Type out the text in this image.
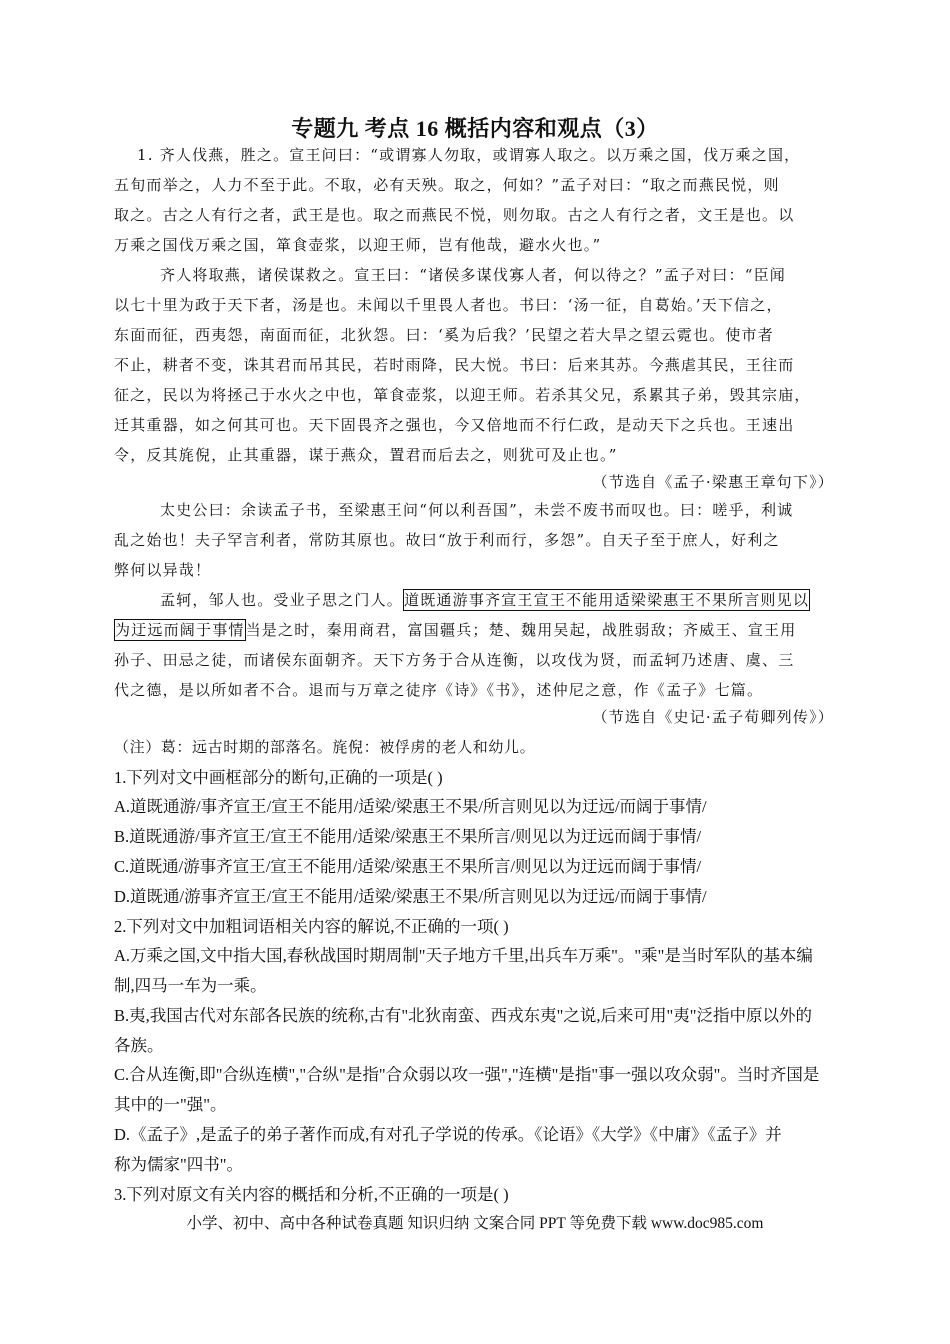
专题九 考点 16 概括内容和观点（3）
1. 齐人伐燕，胜之。宣王问曰：“或谓寡人勿取，或谓寡人取之。以万乘之国，伐万乘之国，
五旬而举之，人力不至于此。不取，必有天殃。取之，何如？”孟子对曰：“取之而燕民悦，则
取之。古之人有行之者，武王是也。取之而燕民不悦，则勿取。古之人有行之者，文王是也。以
万乘之国伐万乘之国，箪食壶浆，以迎王师，岂有他哉，避水火也。”
齐人将取燕，诸侯谋救之。宣王曰：“诸侯多谋伐寡人者，何以待之？”孟子对曰：“臣闻
以七十里为政于天下者，汤是也。未闻以千里畏人者也。书曰：‘汤一征，自葛始。’天下信之，
东面而征，西夷怨，南面而征，北狄怨。曰：‘奚为后我？’民望之若大旱之望云霓也。使市者
不止，耕者不变，诛其君而吊其民，若时雨降，民大悦。书曰：后来其苏。今燕虐其民，王往而
征之，民以为将拯己于水火之中也，箪食壶浆，以迎王师。若杀其父兄，系累其子弟，毁其宗庙，
迁其重器，如之何其可也。天下固畏齐之强也，今又倍地而不行仁政，是动天下之兵也。王速出
令，反其旄倪，止其重器，谋于燕众，置君而后去之，则犹可及止也。”
（节选自《孟子·梁惠王章句下》）
太史公曰：余读孟子书，至梁惠王问“何以利吾国”，未尝不废书而叹也。曰：嗟乎，利诚
乱之始也！夫子罕言利者，常防其原也。故曰“放于利而行，多怨”。自天子至于庶人，好利之
弊何以异哉！
孟轲，邹人也。受业子思之门人。道既通游事齐宣王宣王不能用适梁梁惠王不果所言则见以
为迂远而阔于事情当是之时，秦用商君，富国疆兵；楚、魏用吴起，战胜弱敌；齐威王、宣王用
孙子、田忌之徒，而诸侯东面朝齐。天下方务于合从连衡，以攻伐为贤，而孟轲乃述唐、虞、三
代之德，是以所如者不合。退而与万章之徒序《诗》《书》，述仲尼之意，作《孟子》七篇。
（节选自《史记·孟子荀卿列传》）
（注）葛：远古时期的部落名。旄倪：被俘虏的老人和幼儿。
1.下列对文中画框部分的断句,正确的一项是( )
A.道既通游/事齐宣王/宣王不能用/适梁/梁惠王不果/所言则见以为迂远/而阔于事情/
B.道既通游/事齐宣王/宣王不能用/适梁/梁惠王不果所言/则见以为迂远而阔于事情/
C.道既通/游事齐宣王/宣王不能用/适梁/梁惠王不果所言/则见以为迂远而阔于事情/
D.道既通/游事齐宣王/宣王不能用/适梁/梁惠王不果/所言则见以为迂远/而阔于事情/
2.下列对文中加粗词语相关内容的解说,不正确的一项( )
A.万乘之国,文中指大国,春秋战国时期周制"天子地方千里,出兵车万乘"。"乘"是当时军队的基本编
制,四马一车为一乘。
B.夷,我国古代对东部各民族的统称,古有"北狄南蛮、西戎东夷"之说,后来可用"夷"泛指中原以外的
各族。
C.合从连衡,即"合纵连横","合纵"是指"合众弱以攻一强","连横"是指"事一强以攻众弱"。当时齐国是
其中的一"强"。
D.《孟子》,是孟子的弟子著作而成,有对孔子学说的传承。《论语》《大学》《中庸》《孟子》并
称为儒家"四书"。
3.下列对原文有关内容的概括和分析,不正确的一项是( )
小学、初中、高中各种试卷真题 知识归纳 文案合同 PPT 等免费下载 www.doc985.com
